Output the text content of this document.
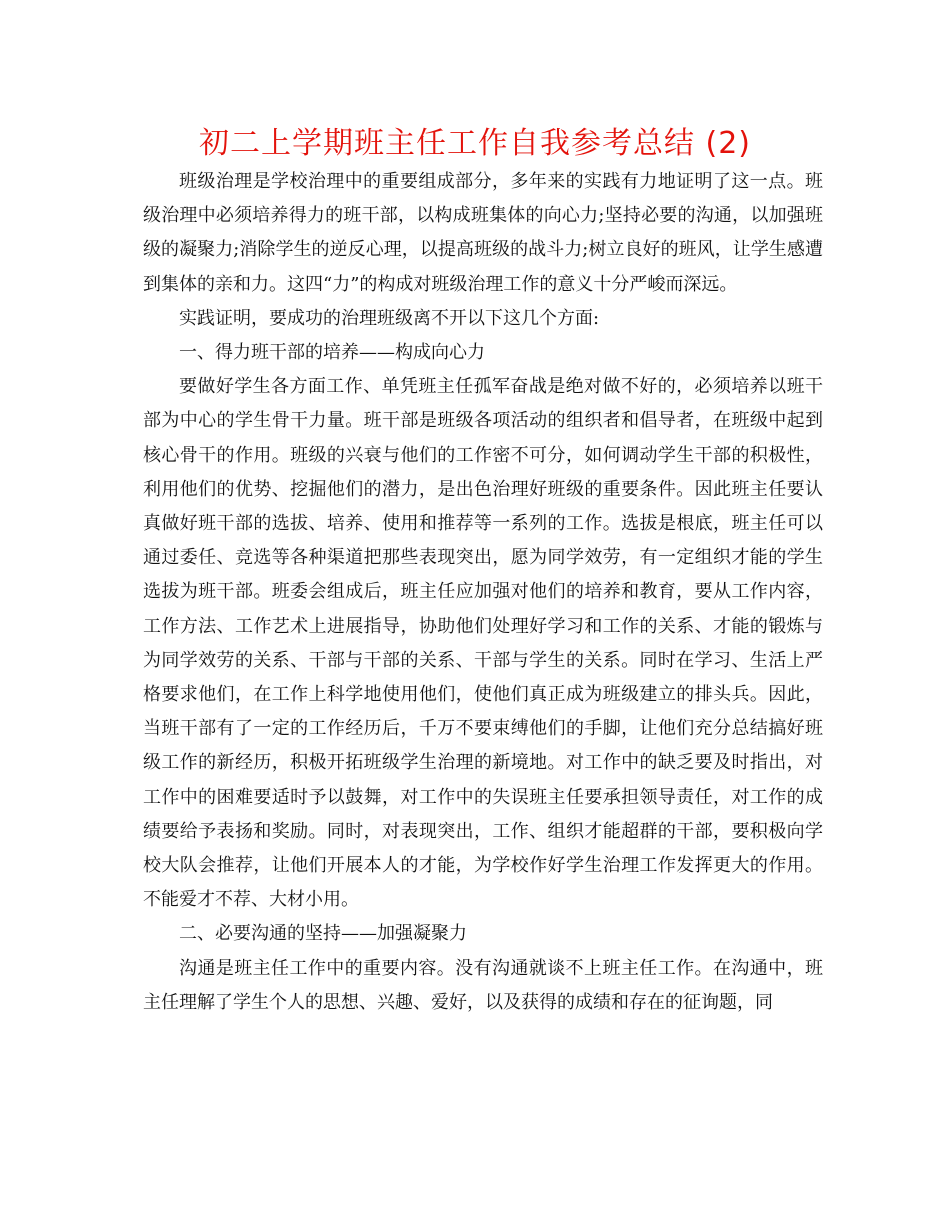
初二上学期班主任工作自我参考总结 (2)

班级治理是学校治理中的重要组成部分，多年来的实践有力地证明了这一点。班级治理中必须培养得力的班干部，以构成班集体的向心力;坚持必要的沟通，以加强班级的凝聚力;消除学生的逆反心理，以提高班级的战斗力;树立良好的班风，让学生感遭到集体的亲和力。这四“力”的构成对班级治理工作的意义十分严峻而深远。

实践证明，要成功的治理班级离不开以下这几个方面:

一、得力班干部的培养——构成向心力

要做好学生各方面工作、单凭班主任孤军奋战是绝对做不好的，必须培养以班干部为中心的学生骨干力量。班干部是班级各项活动的组织者和倡导者，在班级中起到核心骨干的作用。班级的兴衰与他们的工作密不可分，如何调动学生干部的积极性，利用他们的优势、挖掘他们的潜力，是出色治理好班级的重要条件。因此班主任要认真做好班干部的选拔、培养、使用和推荐等一系列的工作。选拔是根底，班主任可以通过委任、竞选等各种渠道把那些表现突出，愿为同学效劳，有一定组织才能的学生选拔为班干部。班委会组成后，班主任应加强对他们的培养和教育，要从工作内容，工作方法、工作艺术上进展指导，协助他们处理好学习和工作的关系、才能的锻炼与为同学效劳的关系、干部与干部的关系、干部与学生的关系。同时在学习、生活上严格要求他们，在工作上科学地使用他们，使他们真正成为班级建立的排头兵。因此，当班干部有了一定的工作经历后，千万不要束缚他们的手脚，让他们充分总结搞好班级工作的新经历，积极开拓班级学生治理的新境地。对工作中的缺乏要及时指出，对工作中的困难要适时予以鼓舞，对工作中的失误班主任要承担领导责任，对工作的成绩要给予表扬和奖励。同时，对表现突出，工作、组织才能超群的干部，要积极向学校大队会推荐，让他们开展本人的才能，为学校作好学生治理工作发挥更大的作用。不能爱才不荐、大材小用。

二、必要沟通的坚持——加强凝聚力

沟通是班主任工作中的重要内容。没有沟通就谈不上班主任工作。在沟通中，班主任理解了学生个人的思想、兴趣、爱好，以及获得的成绩和存在的征询题，同
